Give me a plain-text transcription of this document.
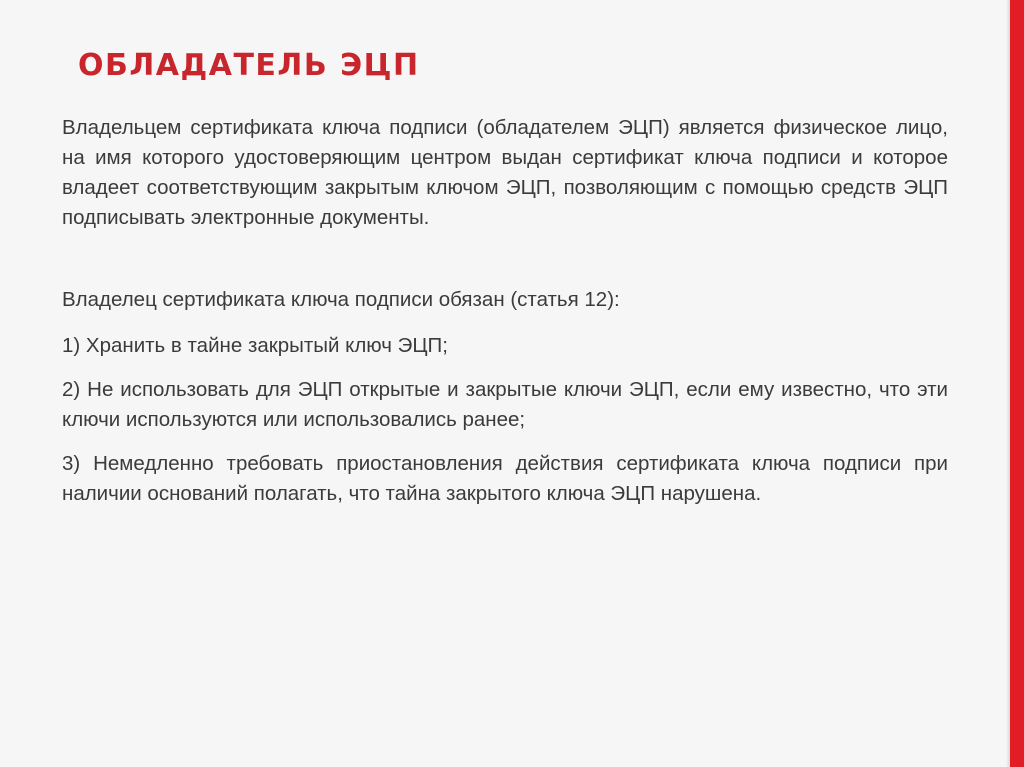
ОБЛАДАТЕЛЬ ЭЦП

Владельцем сертификата ключа подписи (обладателем ЭЦП) является физическое лицо, на имя которого удостоверяющим центром выдан сертификат ключа подписи и которое владеет соответствующим закрытым ключом ЭЦП, позволяющим с помощью средств ЭЦП подписывать электронные документы.

Владелец сертификата ключа подписи обязан (статья 12):

1) Хранить в тайне закрытый ключ ЭЦП;

2) Не использовать для ЭЦП открытые и закрытые ключи ЭЦП, если ему известно, что эти ключи используются или использовались ранее;

3) Немедленно требовать приостановления действия сертификата ключа подписи при наличии оснований полагать, что тайна закрытого ключа ЭЦП нарушена.
